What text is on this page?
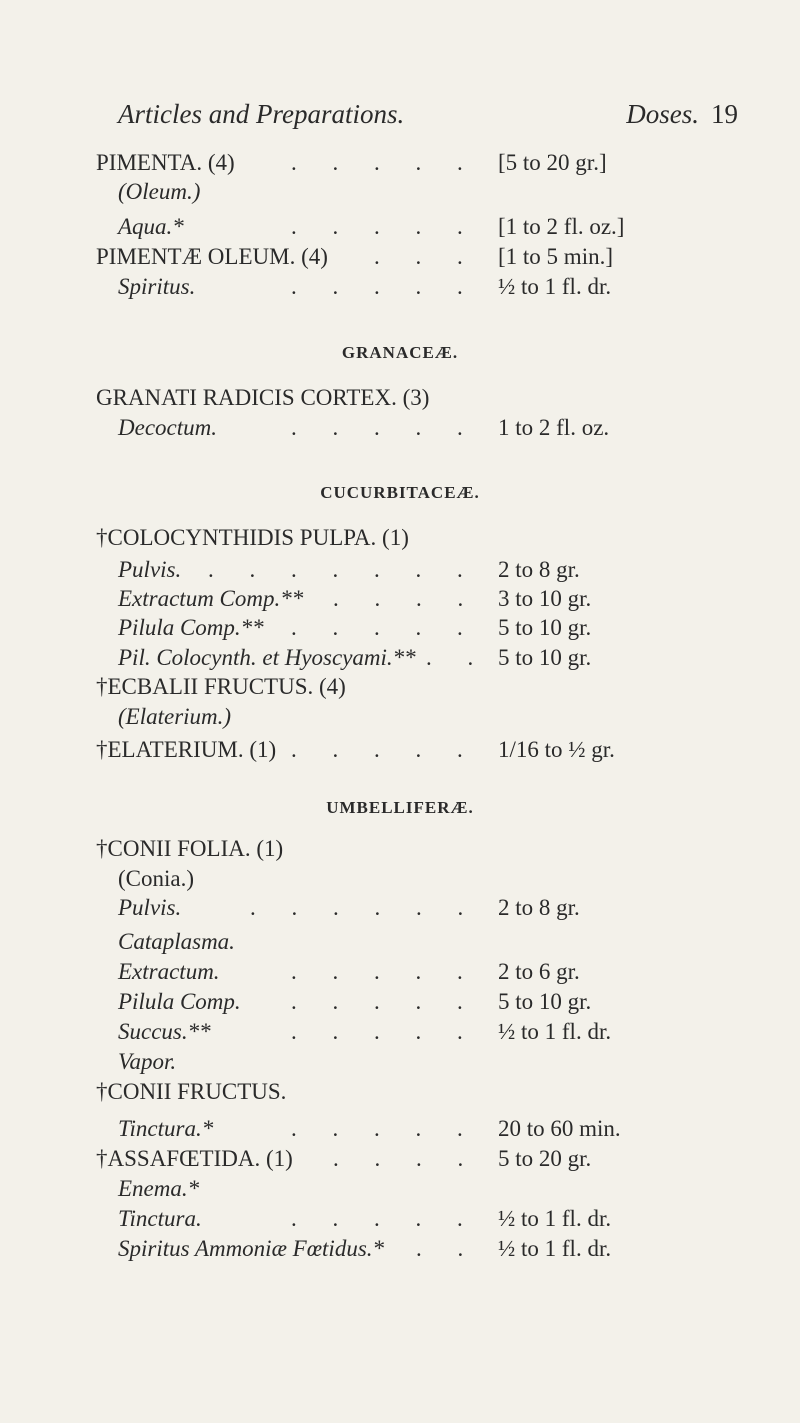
Articles and Preparations.	Doses. 19
PIMENTA. (4) . . . . . [5 to 20 gr.]
(Oleum.)
Aqua.*	. . . . . [1 to 2 fl. oz.]
PIMENTÆ OLEUM. (4) . . . [1 to 5 min.]
Spiritus.	. . . . . ½ to 1 fl. dr.
GRANACEÆ.
GRANATI RADICIS CORTEX. (3)
Decoctum.	. . . . . 1 to 2 fl. oz.
CUCURBITACEÆ.
†COLOCYNTHIDIS PULPA. (1)
Pulvis. . . . . . . . 2 to 8 gr.
Extractum Comp.** . . . . 3 to 10 gr.
Pilula Comp.** . . . . . 5 to 10 gr.
Pil. Colocynth. et Hyoscyami.** . . 5 to 10 gr.
†ECBALII FRUCTUS. (4)
(Elaterium.)
†ELATERIUM. (1) . . . . . 1/16 to ½ gr.
UMBELLIFERÆ.
†CONII FOLIA. (1)
(Conia.)
Pulvis.	. . . . . . 2 to 8 gr.
Cataplasma.
Extractum.	. . . . . 2 to 6 gr.
Pilula Comp. . . . . . 5 to 10 gr.
Succus.**	. . . . . ½ to 1 fl. dr.
Vapor.
†CONII FRUCTUS.
Tinctura.*	. . . . . 20 to 60 min.
†ASSAFŒTIDA. (1) . . . . 5 to 20 gr.
Enema.*
Tinctura.	. . . . . ½ to 1 fl. dr.
Spiritus Ammoniæ Fœtidus.* . . ½ to 1 fl. dr.
